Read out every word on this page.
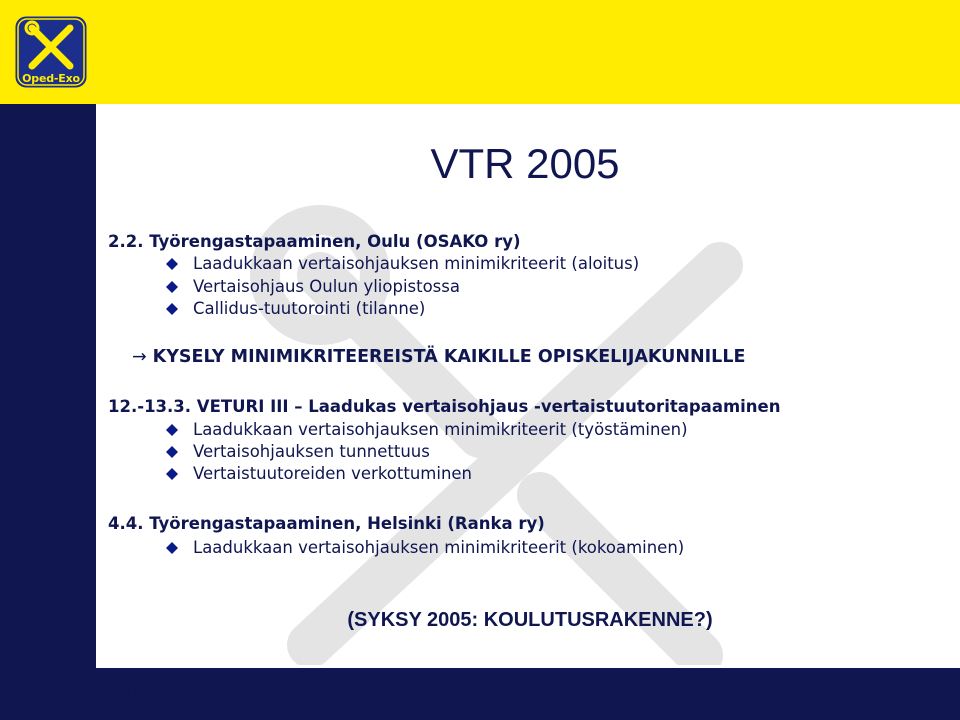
Oped-Exo
VTR 2005
2.2. Työrengastapaaminen, Oulu (OSAKO ry)
Laadukkaan vertaisohjauksen minimikriteerit (aloitus)
Vertaisohjaus Oulun yliopistossa
Callidus-tuutorointi (tilanne)
→ KYSELY MINIMIKRITEEREISTÄ KAIKILLE OPISKELIJAKUNNILLE
12.-13.3. VETURI III – Laadukas vertaisohjaus -vertaistuutoritapaaminen
Laadukkaan vertaisohjauksen minimikriteerit (työstäminen)
Vertaisohjauksen tunnettuus
Vertaistuutoreiden verkottuminen
4.4. Työrengastapaaminen, Helsinki (Ranka ry)
Laadukkaan vertaisohjauksen minimikriteerit (kokoaminen)
(SYKSY 2005: KOULUTUSRAKENNE?)
R.Töytäri & R.Kallinen/VTR	03.02.2005
